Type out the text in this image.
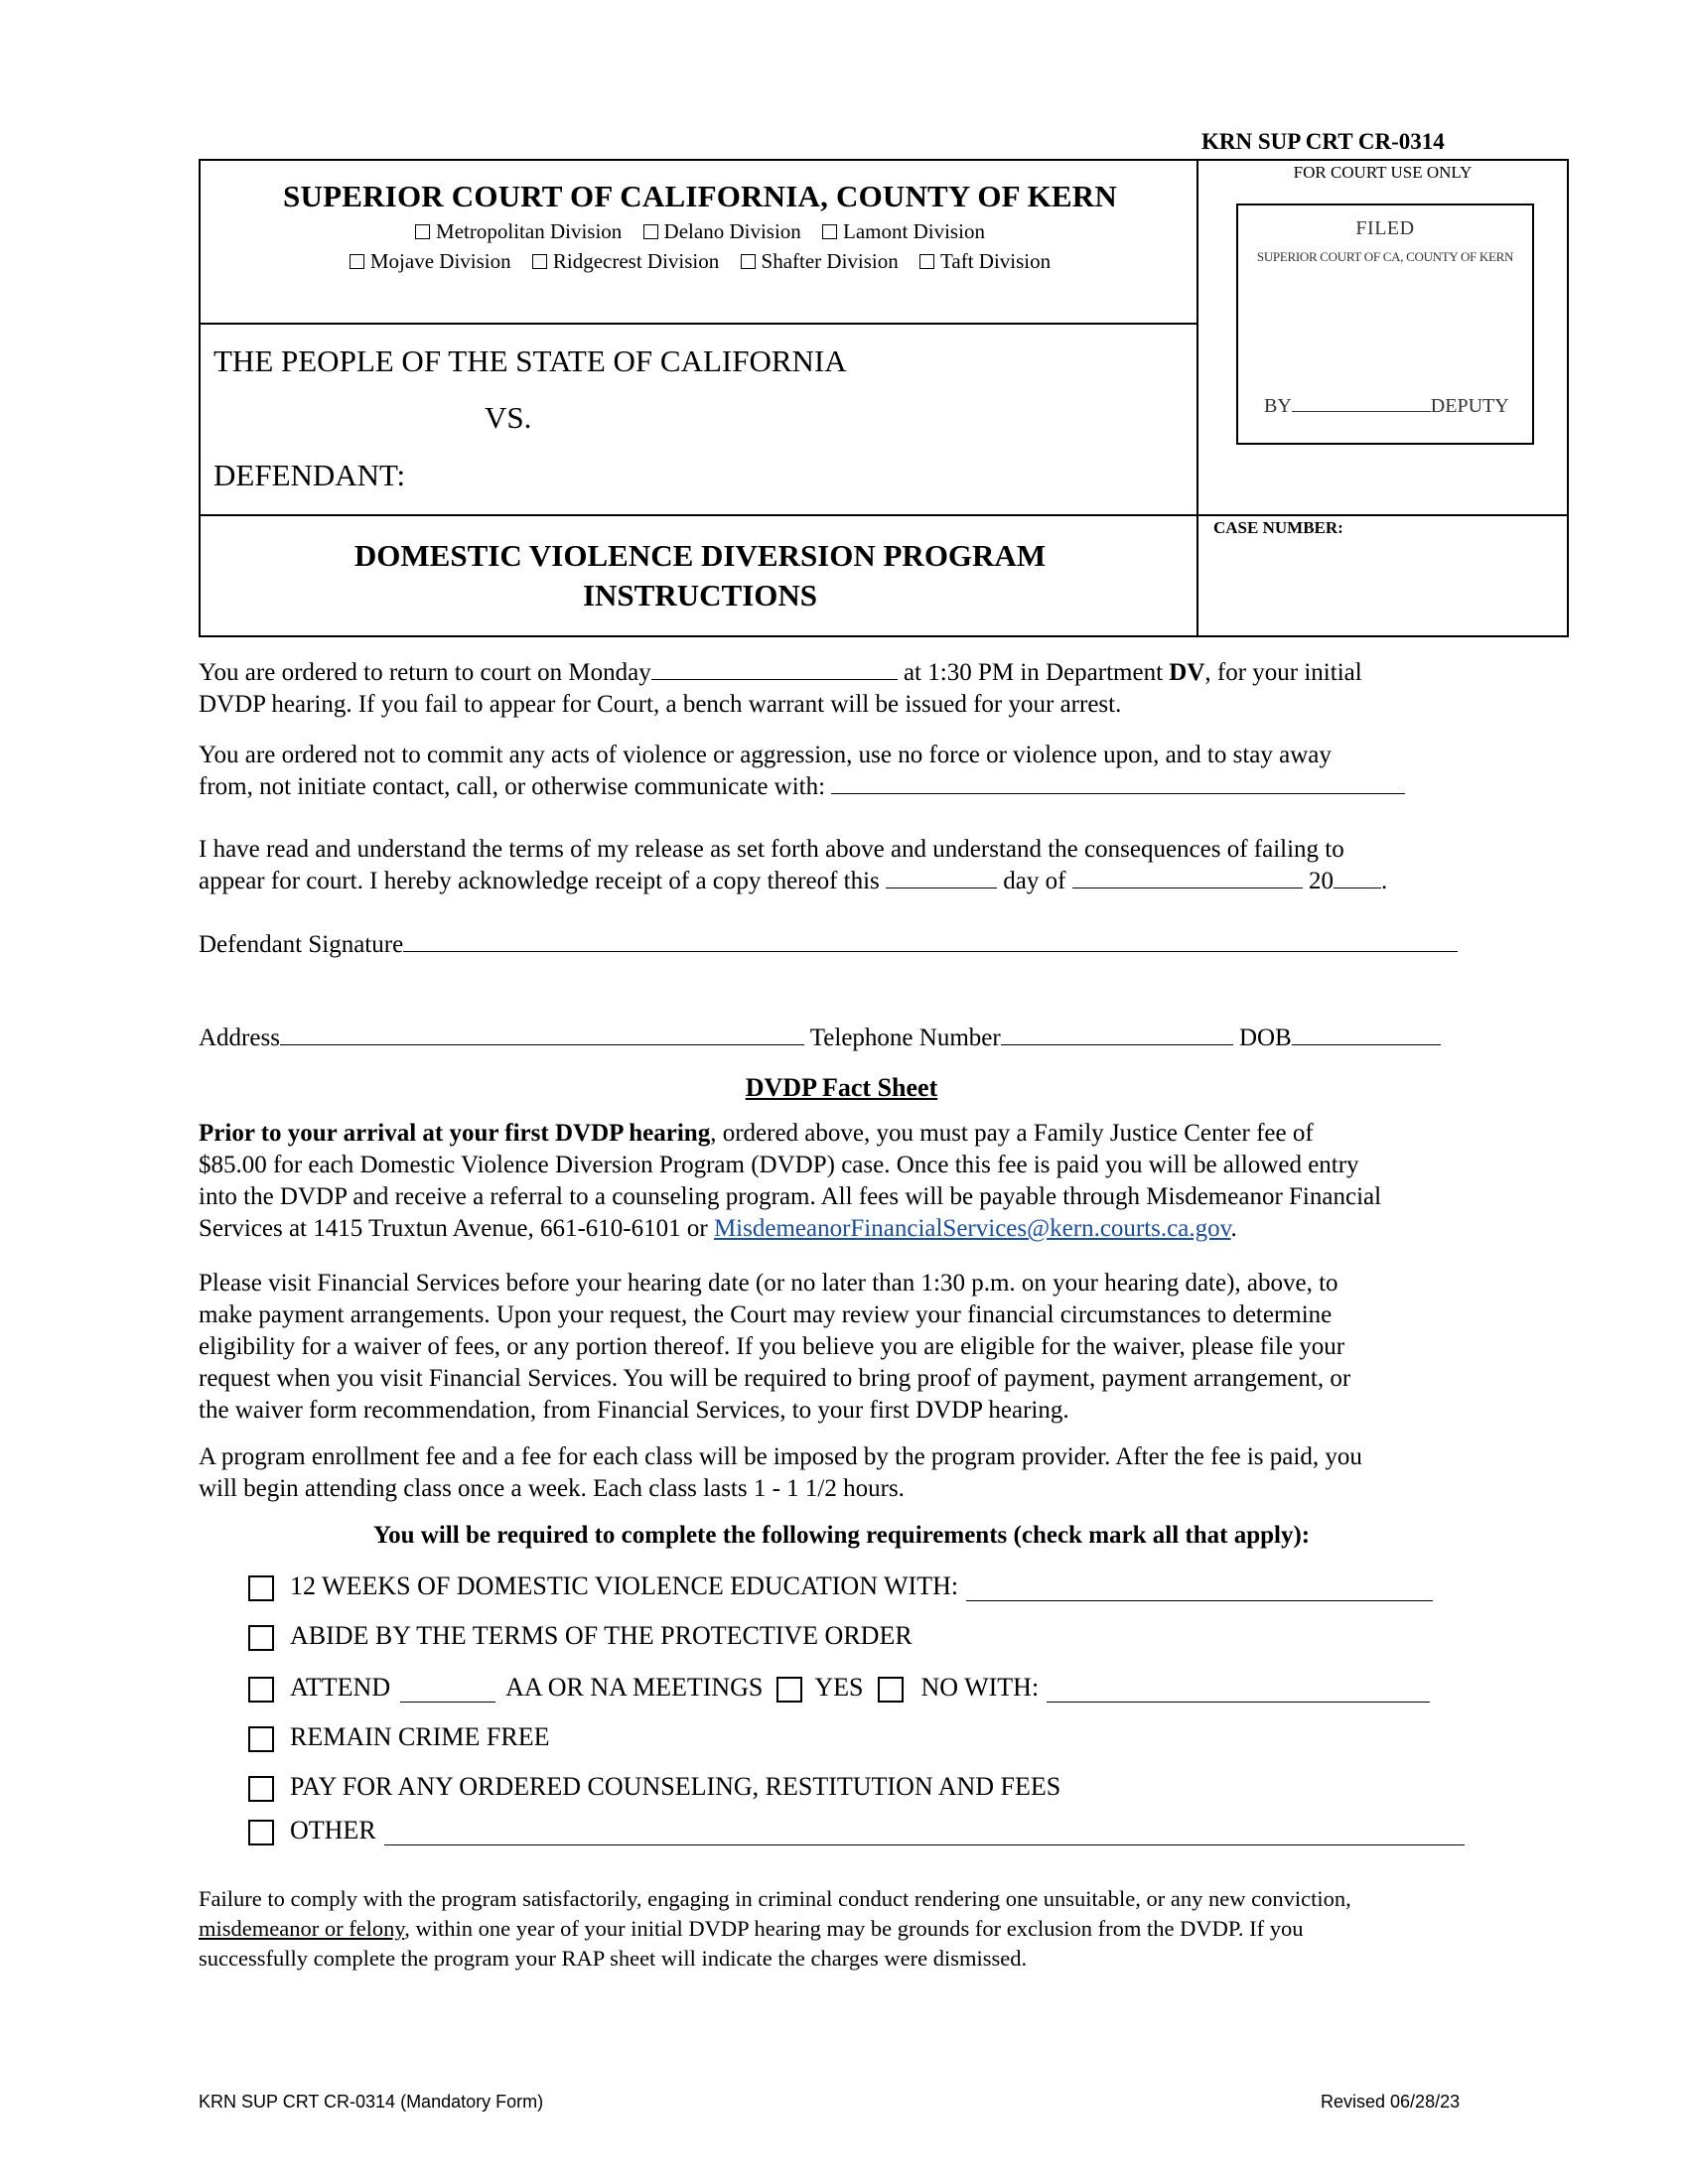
KRN SUP CRT CR-0314
SUPERIOR COURT OF CALIFORNIA, COUNTY OF KERN
Metropolitan Division Delano Division Lamont Division
Mojave Division Ridgecrest Division Shafter Division Taft Division
THE PEOPLE OF THE STATE OF CALIFORNIA
VS.
DEFENDANT:
DOMESTIC VIOLENCE DIVERSION PROGRAM
INSTRUCTIONS
FOR COURT USE ONLY
FILED
SUPERIOR COURT OF CA, COUNTY OF KERN
BY	DEPUTY
CASE NUMBER:
You are ordered to return to court on Monday	at 1:30 PM in Department DV, for your initial
DVDP hearing. If you fail to appear for Court, a bench warrant will be issued for your arrest.
You are ordered not to commit any acts of violence or aggression, use no force or violence upon, and to stay away
from, not initiate contact, call, or otherwise communicate with:
I have read and understand the terms of my release as set forth above and understand the consequences of failing to
appear for court. I hereby acknowledge receipt of a copy thereof this	day of	20 .
Defendant Signature
Address	Telephone Number	DOB
DVDP Fact Sheet
Prior to your arrival at your first DVDP hearing, ordered above, you must pay a Family Justice Center fee of
$85.00 for each Domestic Violence Diversion Program (DVDP) case. Once this fee is paid you will be allowed entry
into the DVDP and receive a referral to a counseling program. All fees will be payable through Misdemeanor Financial
Services at 1415 Truxtun Avenue, 661-610-6101 or MisdemeanorFinancialServices@kern.courts.ca.gov.
Please visit Financial Services before your hearing date (or no later than 1:30 p.m. on your hearing date), above, to
make payment arrangements. Upon your request, the Court may review your financial circumstances to determine
eligibility for a waiver of fees, or any portion thereof. If you believe you are eligible for the waiver, please file your
request when you visit Financial Services. You will be required to bring proof of payment, payment arrangement, or
the waiver form recommendation, from Financial Services, to your first DVDP hearing.
A program enrollment fee and a fee for each class will be imposed by the program provider. After the fee is paid, you
will begin attending class once a week. Each class lasts 1 - 1 1/2 hours.
You will be required to complete the following requirements (check mark all that apply):
12 WEEKS OF DOMESTIC VIOLENCE EDUCATION WITH:
ABIDE BY THE TERMS OF THE PROTECTIVE ORDER
ATTEND	AA OR NA MEETINGS YES NO WITH:
REMAIN CRIME FREE
PAY FOR ANY ORDERED COUNSELING, RESTITUTION AND FEES
OTHER
Failure to comply with the program satisfactorily, engaging in criminal conduct rendering one unsuitable, or any new conviction,
misdemeanor or felony, within one year of your initial DVDP hearing may be grounds for exclusion from the DVDP. If you
successfully complete the program your RAP sheet will indicate the charges were dismissed.
KRN SUP CRT CR-0314 (Mandatory Form)	Revised 06/28/23
